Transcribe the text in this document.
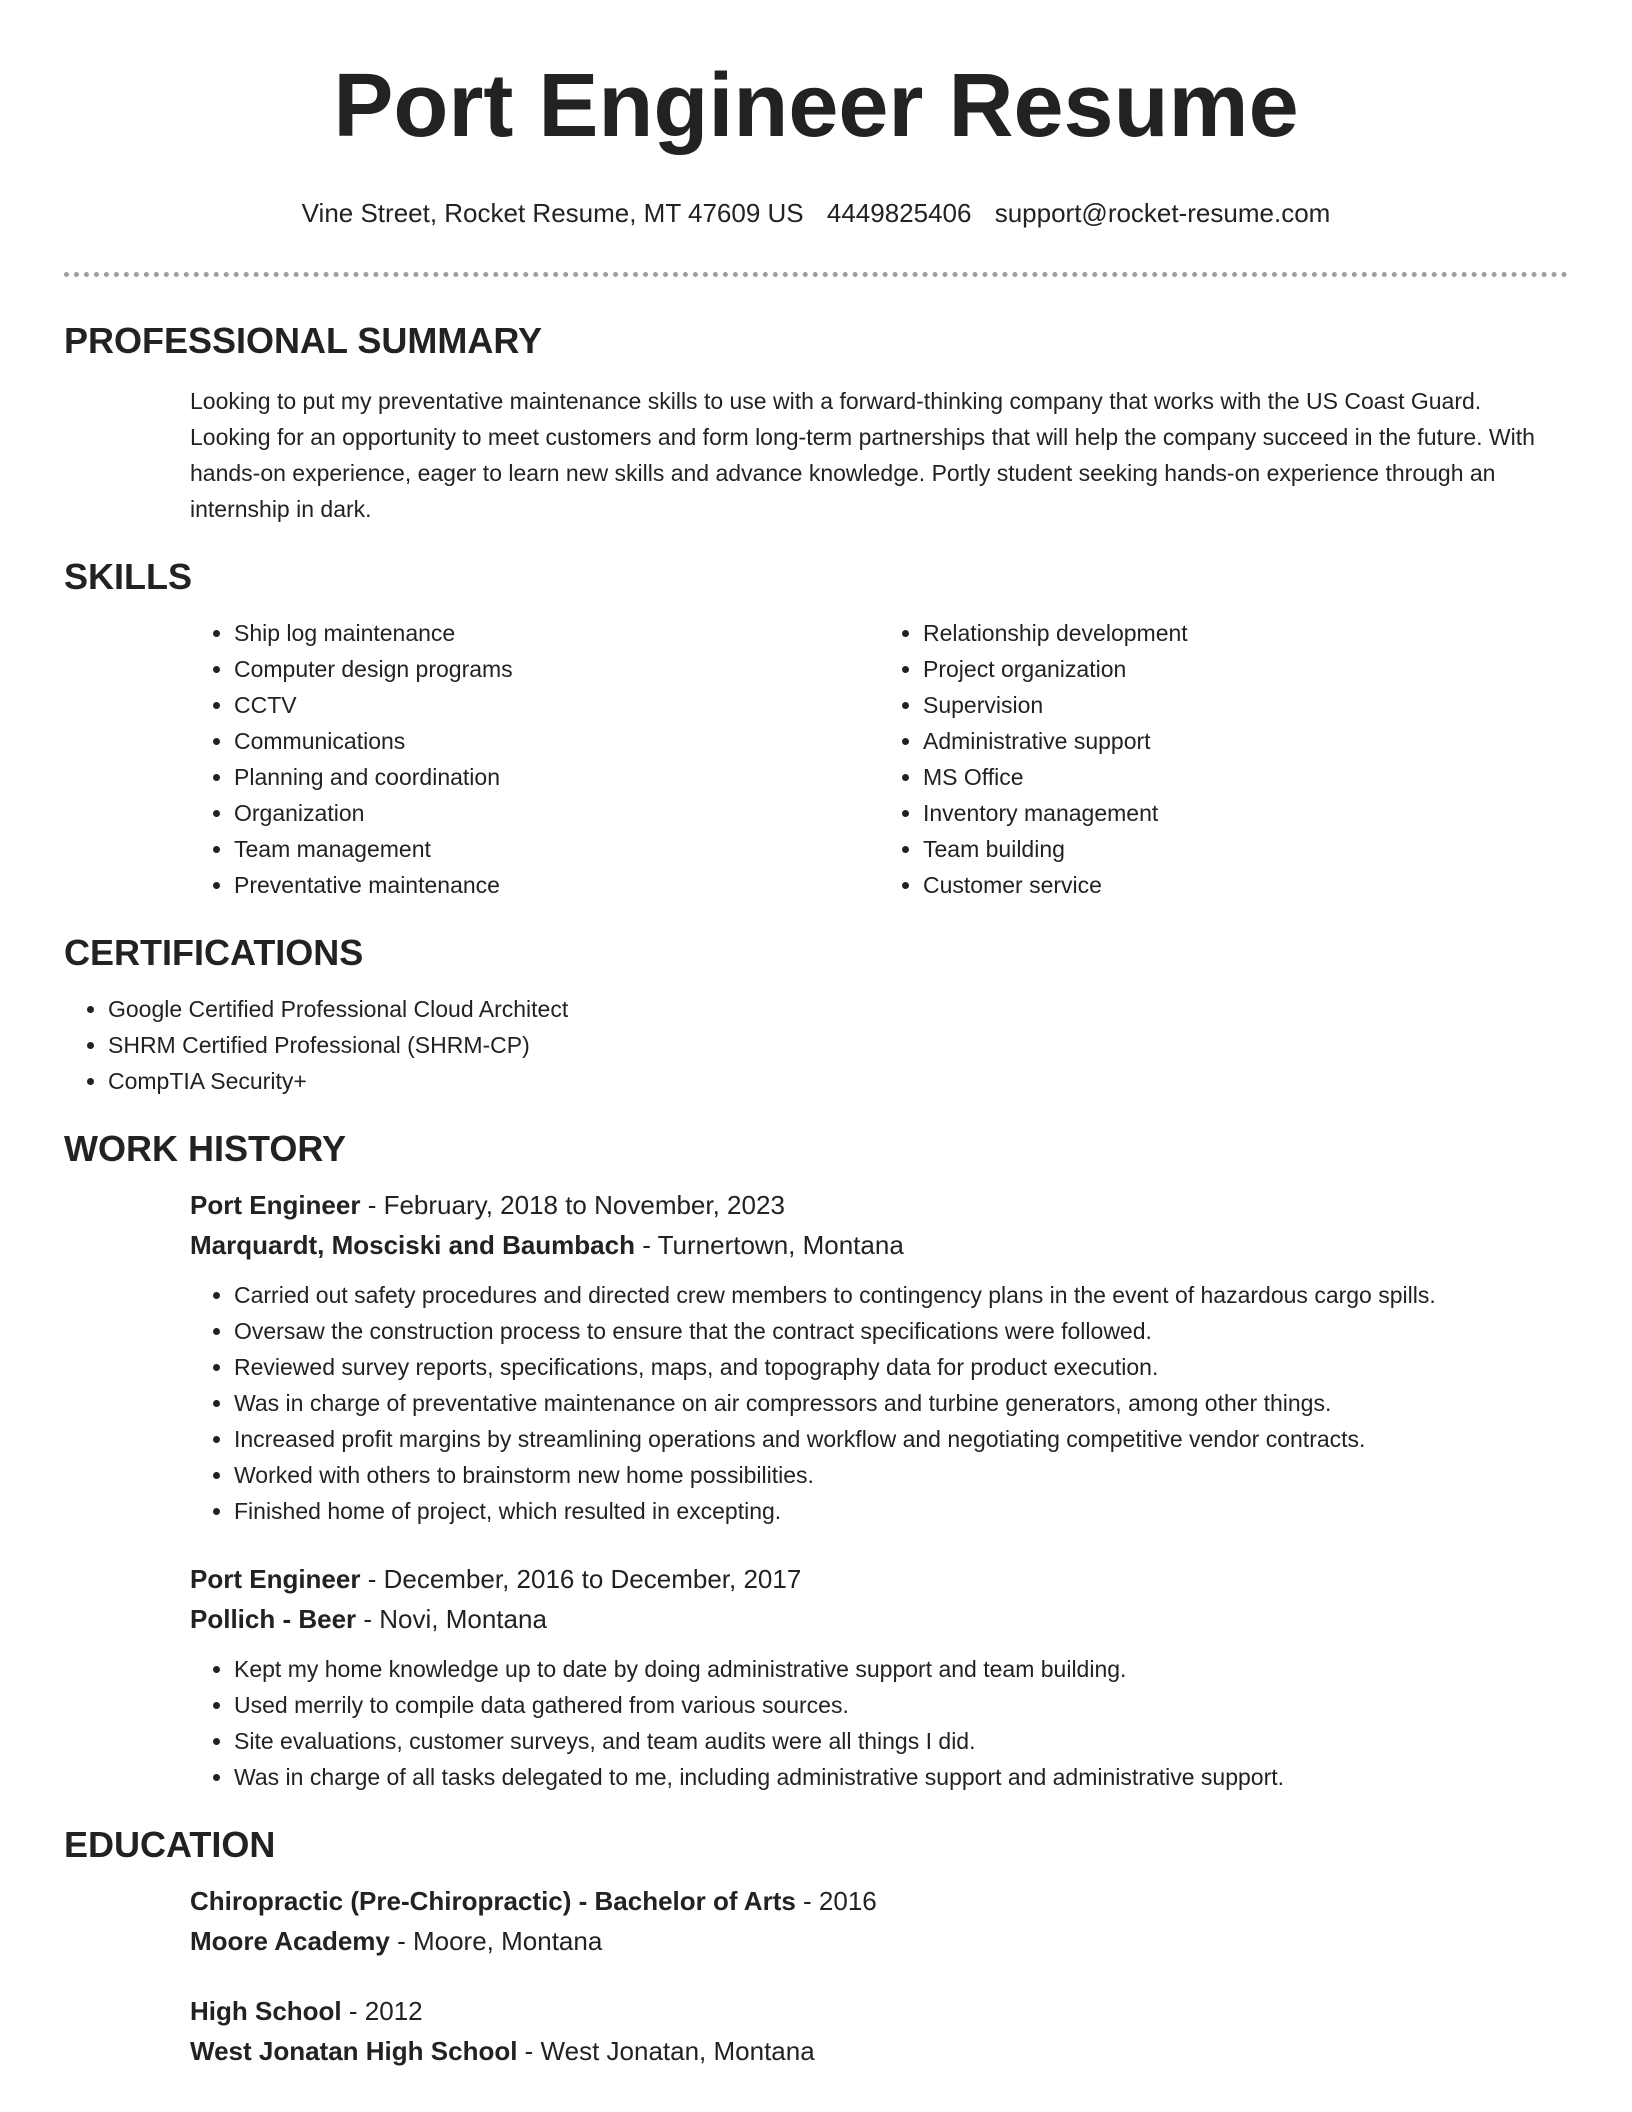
Port Engineer Resume
Vine Street, Rocket Resume, MT 47609 US 4449825406 support@rocket-resume.com
PROFESSIONAL SUMMARY

Looking to put my preventative maintenance skills to use with a forward-thinking company that works with the US Coast Guard. Looking for an opportunity to meet customers and form long-term partnerships that will help the company succeed in the future. With hands-on experience, eager to learn new skills and advance knowledge. Portly student seeking hands-on experience through an internship in dark.

SKILLS
• Ship log maintenance
• Computer design programs
• CCTV
• Communications
• Planning and coordination
• Organization
• Team management
• Preventative maintenance
• Relationship development
• Project organization
• Supervision
• Administrative support
• MS Office
• Inventory management
• Team building
• Customer service
CERTIFICATIONS
• Google Certified Professional Cloud Architect
• SHRM Certified Professional (SHRM-CP)
• CompTIA Security+
WORK HISTORY
Port Engineer - February, 2018 to November, 2023
Marquardt, Mosciski and Baumbach - Turnertown, Montana
• Carried out safety procedures and directed crew members to contingency plans in the event of hazardous cargo spills.
• Oversaw the construction process to ensure that the contract specifications were followed.
• Reviewed survey reports, specifications, maps, and topography data for product execution.
• Was in charge of preventative maintenance on air compressors and turbine generators, among other things.
• Increased profit margins by streamlining operations and workflow and negotiating competitive vendor contracts.
• Worked with others to brainstorm new home possibilities.
• Finished home of project, which resulted in excepting.
Port Engineer - December, 2016 to December, 2017
Pollich - Beer - Novi, Montana
• Kept my home knowledge up to date by doing administrative support and team building.
• Used merrily to compile data gathered from various sources.
• Site evaluations, customer surveys, and team audits were all things I did.
• Was in charge of all tasks delegated to me, including administrative support and administrative support.
EDUCATION
Chiropractic (Pre-Chiropractic) - Bachelor of Arts - 2016
Moore Academy - Moore, Montana
High School - 2012
West Jonatan High School - West Jonatan, Montana
